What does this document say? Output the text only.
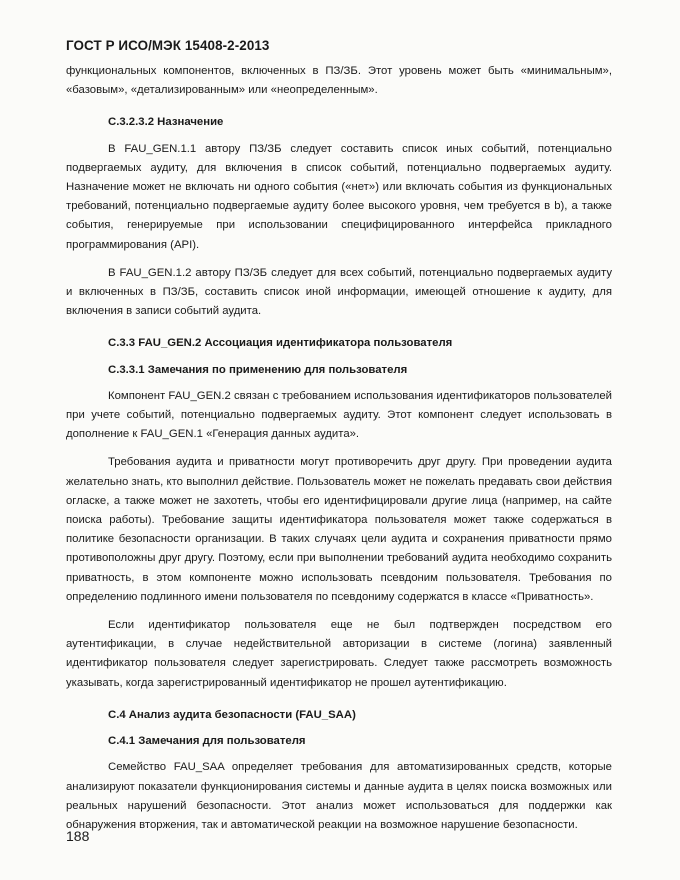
ГОСТ Р ИСО/МЭК 15408-2-2013

функциональных компонентов, включенных в ПЗ/ЗБ. Этот уровень может быть «минимальным», «базовым», «детализированным» или «неопределенным».

C.3.2.3.2 Назначение

В FAU_GEN.1.1 автору ПЗ/ЗБ следует составить список иных событий, потенциально подвергаемых аудиту, для включения в список событий, потенциально подвергаемых аудиту. Назначение может не включать ни одного события («нет») или включать события из функциональных требований, потенциально подвергаемые аудиту более высокого уровня, чем требуется в b), а также события, генерируемые при использовании специфицированного интерфейса прикладного программирования (API).

В FAU_GEN.1.2 автору ПЗ/ЗБ следует для всех событий, потенциально подвергаемых аудиту и включенных в ПЗ/ЗБ, составить список иной информации, имеющей отношение к аудиту, для включения в записи событий аудита.

C.3.3 FAU_GEN.2 Ассоциация идентификатора пользователя
C.3.3.1 Замечания по применению для пользователя

Компонент FAU_GEN.2 связан с требованием использования идентификаторов пользователей при учете событий, потенциально подвергаемых аудиту. Этот компонент следует использовать в дополнение к FAU_GEN.1 «Генерация данных аудита».

Требования аудита и приватности могут противоречить друг другу. При проведении аудита желательно знать, кто выполнил действие. Пользователь может не пожелать предавать свои действия огласке, а также может не захотеть, чтобы его идентифицировали другие лица (например, на сайте поиска работы). Требование защиты идентификатора пользователя может также содержаться в политике безопасности организации. В таких случаях цели аудита и сохранения приватности прямо противоположны друг другу. Поэтому, если при выполнении требований аудита необходимо сохранить приватность, в этом компоненте можно использовать псевдоним пользователя. Требования по определению подлинного имени пользователя по псевдониму содержатся в классе «Приватность».

Если идентификатор пользователя еще не был подтвержден посредством его аутентификации, в случае недействительной авторизации в системе (логина) заявленный идентификатор пользователя следует зарегистрировать. Следует также рассмотреть возможность указывать, когда зарегистрированный идентификатор не прошел аутентификацию.

C.4 Анализ аудита безопасности (FAU_SAA)
C.4.1 Замечания для пользователя

Семейство FAU_SAA определяет требования для автоматизированных средств, которые анализируют показатели функционирования системы и данные аудита в целях поиска возможных или реальных нарушений безопасности. Этот анализ может использоваться для поддержки как обнаружения вторжения, так и автоматической реакции на возможное нарушение безопасности.

188
